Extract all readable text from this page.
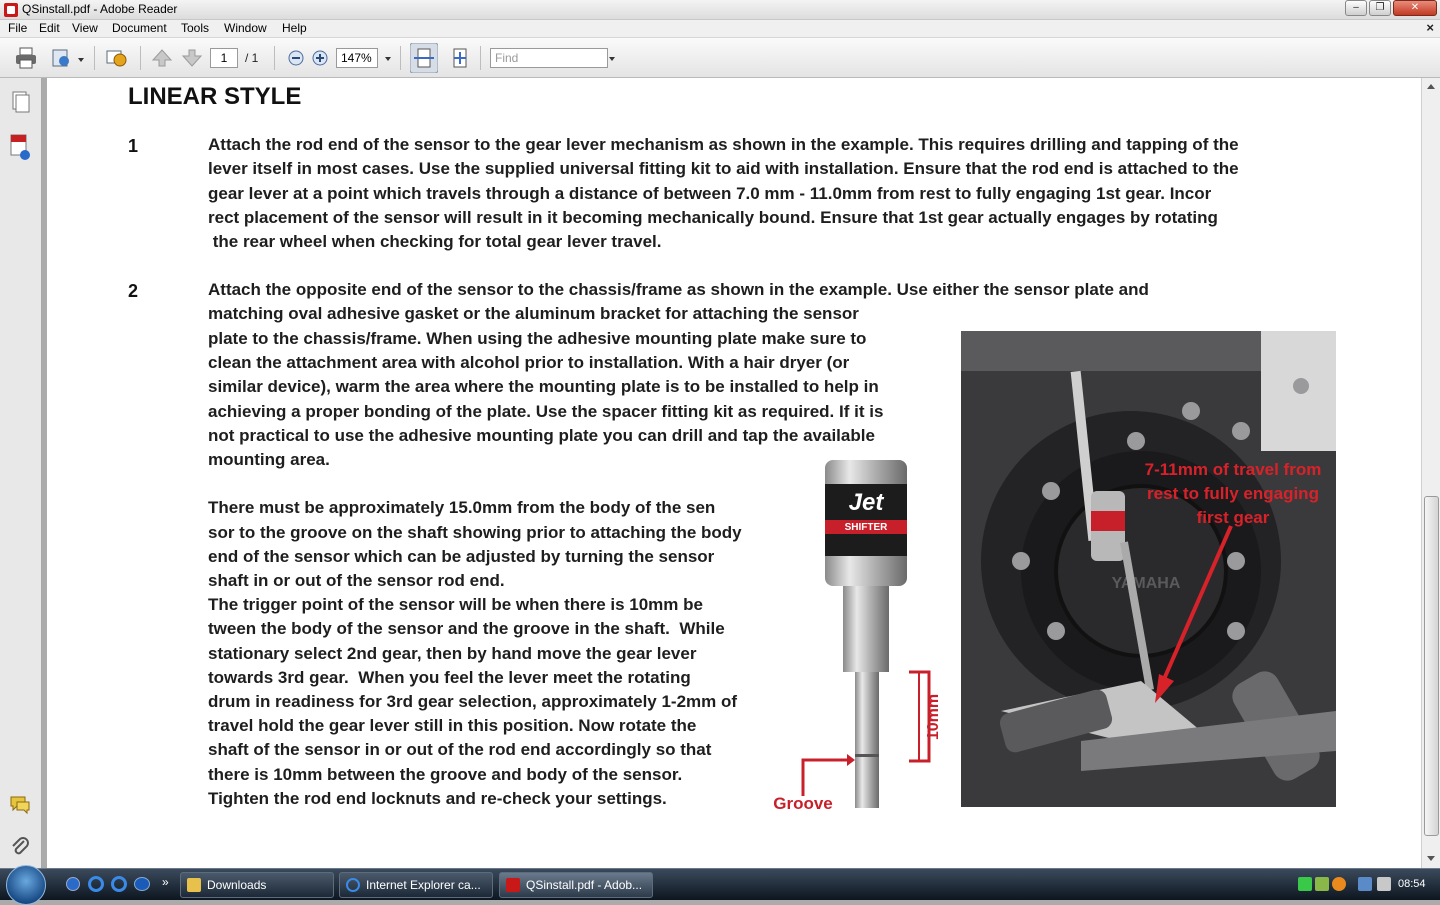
QSinstall.pdf - Adobe Reader	‒	❐	✕
File Edit View Document Tools Window Help	×
1	/ 1	147%	Find
LINEAR STYLE
1	Attach the rod end of the sensor to the gear lever mechanism as shown in the example. This requires drilling and tapping of the
lever itself in most cases. Use the supplied universal fitting kit to aid with installation. Ensure that the rod end is attached to the
gear lever at a point which travels through a distance of between 7.0 mm - 11.0mm from rest to fully engaging 1st gear. Incor
rect placement of the sensor will result in it becoming mechanically bound. Ensure that 1st gear actually engages by rotating
the rear wheel when checking for total gear lever travel.
2	Attach the opposite end of the sensor to the chassis/frame as shown in the example. Use either the sensor plate and
matching oval adhesive gasket or the aluminum bracket for attaching the sensor
plate to the chassis/frame. When using the adhesive mounting plate make sure to
clean the attachment area with alcohol prior to installation. With a hair dryer (or
similar device), warm the area where the mounting plate is to be installed to help in
achieving a proper bonding of the plate. Use the spacer fitting kit as required. If it is
not practical to use the adhesive mounting plate you can drill and tap the available
mounting area.
There must be approximately 15.0mm from the body of the sen
sor to the groove on the shaft showing prior to attaching the body
end of the sensor which can be adjusted by turning the sensor
shaft in or out of the sensor rod end.
The trigger point of the sensor will be when there is 10mm be
tween the body of the sensor and the groove in the shaft.  While
stationary select 2nd gear, then by hand move the gear lever
towards 3rd gear.  When you feel the lever meet the rotating
drum in readiness for 3rd gear selection, approximately 1-2mm of
travel hold the gear lever still in this position. Now rotate the
shaft of the sensor in or out of the rod end accordingly so that
there is 10mm between the groove and body of the sensor.
Tighten the rod end locknuts and re-check your settings.
Jet
SHIFTER
10mm
Groove
YAMAHA
7-11mm of travel from
rest to fully engaging
first gear
»	Downloads	Internet Explorer ca...	QSinstall.pdf - Adob...	08:54
